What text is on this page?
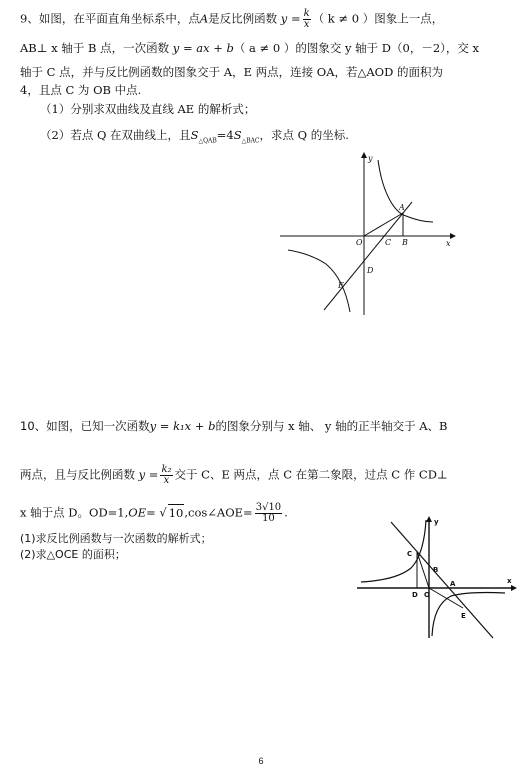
9、如图，在平面直角坐标系中，点A是反比例函数 $y = \frac{k}{x}$ （ k ≠ 0 ）图象上一点，
AB⊥ x 轴于 B 点，一次函数 y = ax + b（ a ≠ 0 ）的图象交 y 轴于 D（0，－2），交 x
轴于 C 点，并与反比例函数的图象交于 A，E 两点，连接 OA，若△AOD 的面积为
4，且点 C 为 OB 中点.
（1）分别求双曲线及直线 AE 的解析式；
（2）若点 Q 在双曲线上，且$S_{\triangle QAB}=4S_{\triangle BAC}$，求点 Q 的坐标.
y
x
O	C B
A
D
E
10、如图，已知一次函数y = k₁x + b的图象分别与 x 轴、 y 轴的正半轴交于 A、B
两点，且与反比例函数 $y = \frac{\text{k₂}}{x}$ 交于 C、E 两点，点 C 在第二象限，过点 C 作 CD⊥
x 轴于点 D。OD=1,OE= √ 10,cos∠AOE= $\frac{3√10}{10}$ .
(1)求反比例函数与一次函数的解析式；
(2)求△OCE 的面积；
y
x
C
B
A
D O
E
6
